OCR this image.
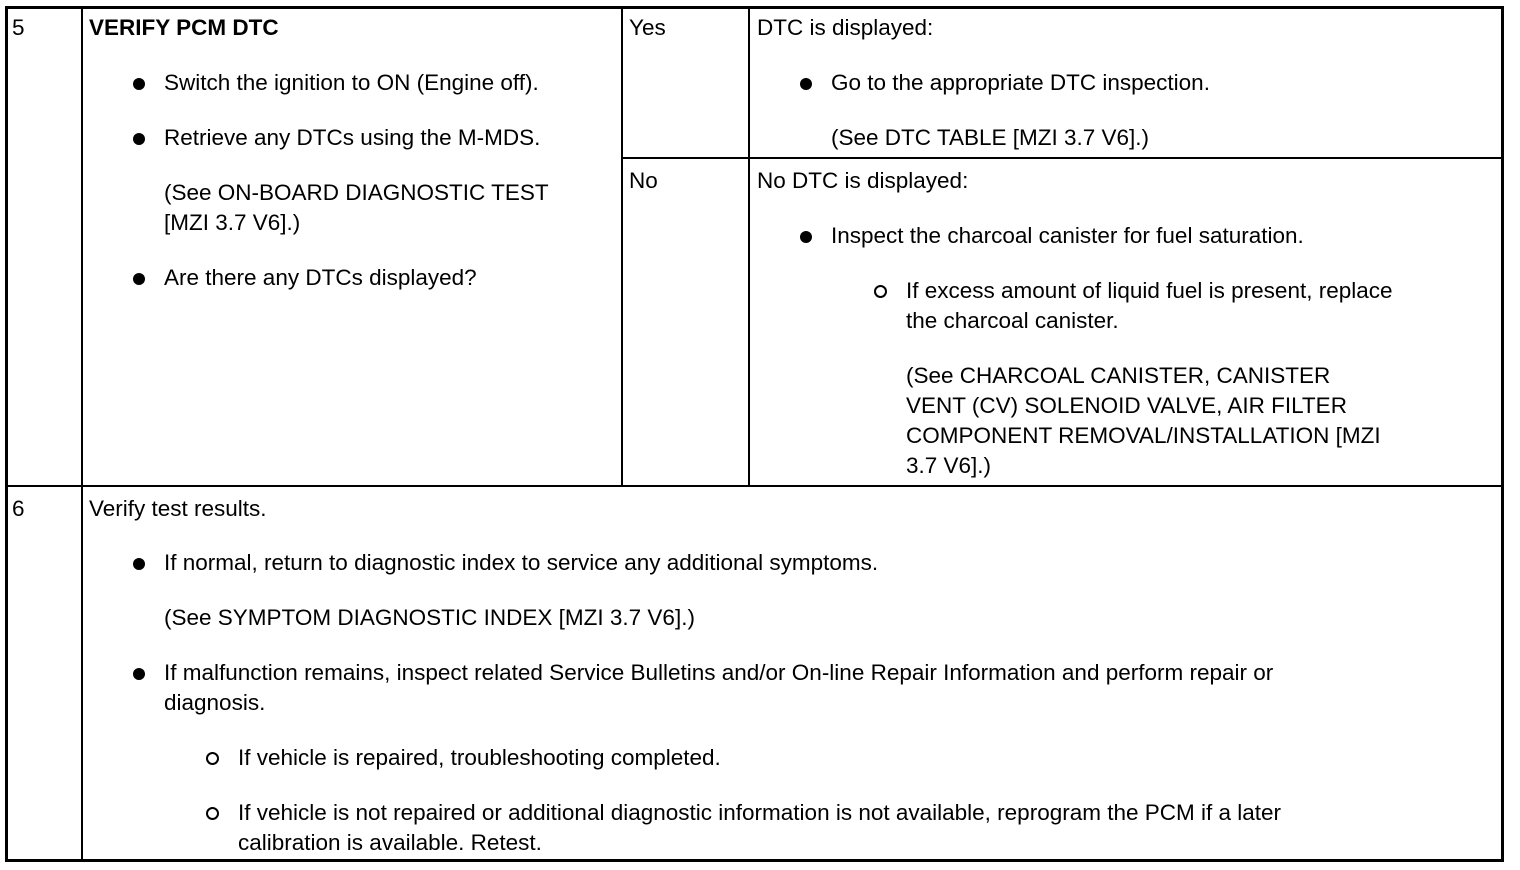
5	VERIFY PCM DTC
Switch the ignition to ON (Engine off).
Retrieve any DTCs using the M-MDS.
(See ON-BOARD DIAGNOSTIC TEST
[MZI 3.7 V6].)
Are there any DTCs displayed?
Yes	DTC is displayed:
Go to the appropriate DTC inspection.
(See DTC TABLE [MZI 3.7 V6].)
No	No DTC is displayed:
Inspect the charcoal canister for fuel saturation.
If excess amount of liquid fuel is present, replace
the charcoal canister.
(See CHARCOAL CANISTER, CANISTER
VENT (CV) SOLENOID VALVE, AIR FILTER
COMPONENT REMOVAL/INSTALLATION [MZI
3.7 V6].)
6	Verify test results.
If normal, return to diagnostic index to service any additional symptoms.
(See SYMPTOM DIAGNOSTIC INDEX [MZI 3.7 V6].)
If malfunction remains, inspect related Service Bulletins and/or On-line Repair Information and perform repair or
diagnosis.
If vehicle is repaired, troubleshooting completed.
If vehicle is not repaired or additional diagnostic information is not available, reprogram the PCM if a later
calibration is available. Retest.
